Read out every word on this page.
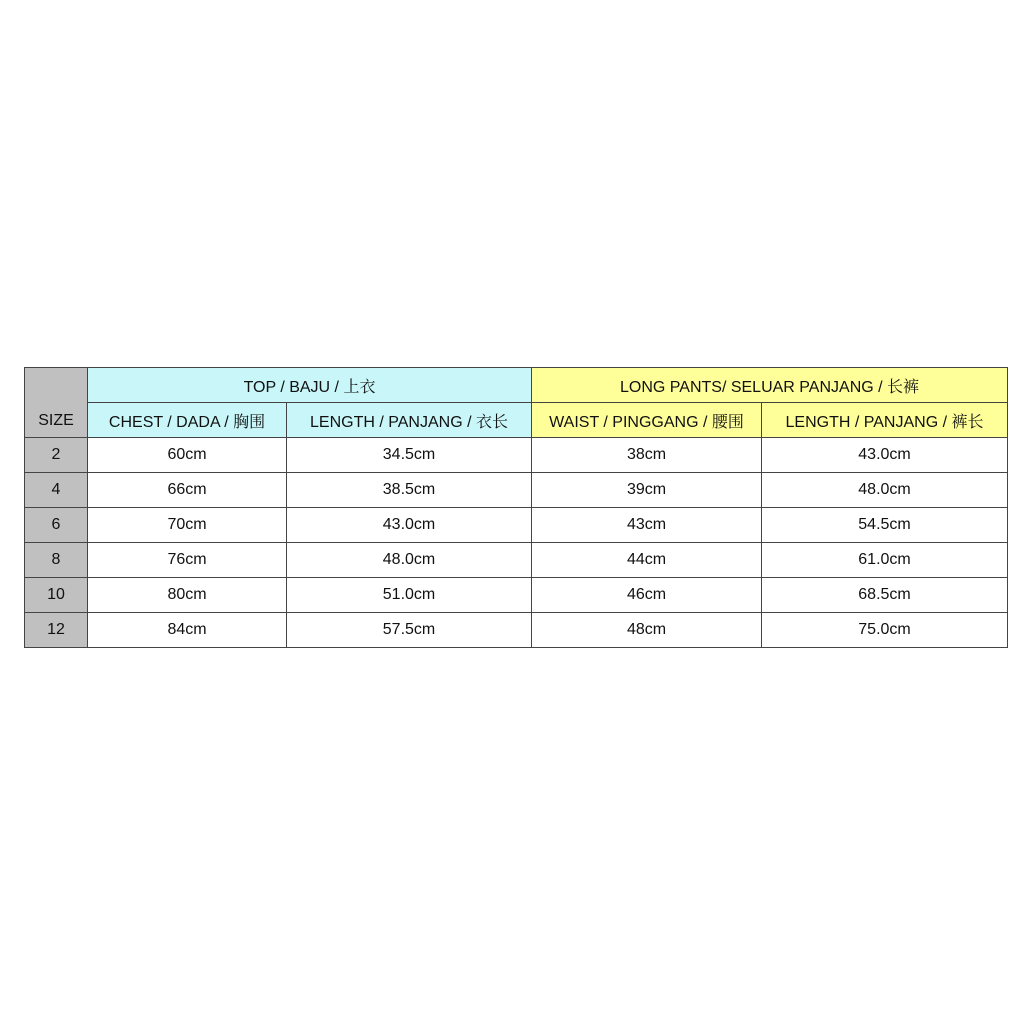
SIZE	TOP / BAJU / 上衣		LONG PANTS/ SELUAR PANJANG / 长裤	
	CHEST / DADA / 胸围	LENGTH / PANJANG / 衣长	WAIST / PINGGANG / 腰围	LENGTH / PANJANG / 裤长
2	60cm	34.5cm	38cm	43.0cm
4	66cm	38.5cm	39cm	48.0cm
6	70cm	43.0cm	43cm	54.5cm
8	76cm	48.0cm	44cm	61.0cm
10	80cm	51.0cm	46cm	68.5cm
12	84cm	57.5cm	48cm	75.0cm
